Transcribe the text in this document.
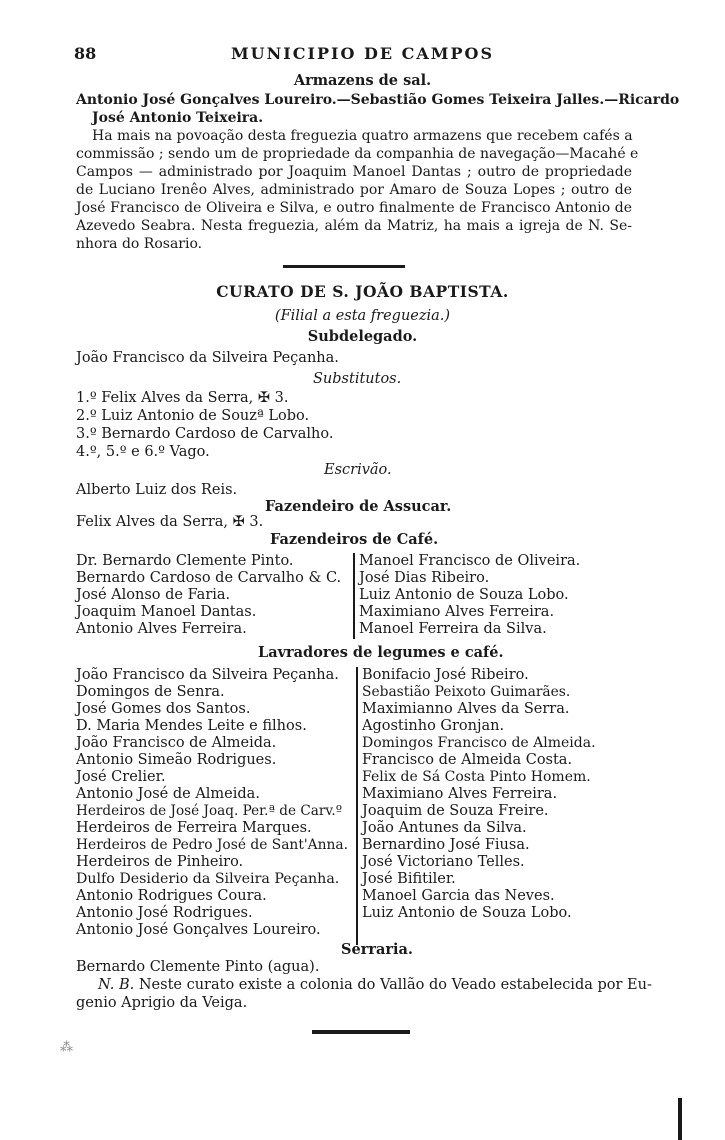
88	MUNICIPIO DE CAMPOS
Armazens de sal.
Antonio José Gonçalves Loureiro.—Sebastião Gomes Teixeira Jalles.—Ricardo
José Antonio Teixeira.
Ha mais na povoação desta freguezia quatro armazens que recebem cafés a
commissão ; sendo um de propriedade da companhia de navegação—Macahé e
Campos — administrado por Joaquim Manoel Dantas ; outro de propriedade
de Luciano Irenêo Alves, administrado por Amaro de Souza Lopes ; outro de
José Francisco de Oliveira e Silva, e outro finalmente de Francisco Antonio de
Azevedo Seabra. Nesta freguezia, além da Matriz, ha mais a igreja de N. Se-
nhora do Rosario.
CURATO DE S. JOÃO BAPTISTA.
(Filial a esta freguezia.)
Subdelegado.
João Francisco da Silveira Peçanha.
Substitutos.
1.º Felix Alves da Serra, ✠ 3.
2.º Luiz Antonio de Souzª Lobo.
3.º Bernardo Cardoso de Carvalho.
4.º, 5.º e 6.º Vago.
Escrivão.
Alberto Luiz dos Reis.
Fazendeiro de Assucar.
Felix Alves da Serra, ✠ 3.
Fazendeiros de Café.
Dr. Bernardo Clemente Pinto.
Bernardo Cardoso de Carvalho & C.
José Alonso de Faria.
Joaquim Manoel Dantas.
Antonio Alves Ferreira.
Manoel Francisco de Oliveira.
José Dias Ribeiro.
Luiz Antonio de Souza Lobo.
Maximiano Alves Ferreira.
Manoel Ferreira da Silva.
Lavradores de legumes e café.
João Francisco da Silveira Peçanha.
Domingos de Senra.
José Gomes dos Santos.
D. Maria Mendes Leite e filhos.
João Francisco de Almeida.
Antonio Simeão Rodrigues.
José Crelier.
Antonio José de Almeida.
Herdeiros de José Joaq. Per.ª de Carv.º
Herdeiros de Ferreira Marques.
Herdeiros de Pedro José de Sant'Anna.
Herdeiros de Pinheiro.
Dulfo Desiderio da Silveira Peçanha.
Antonio Rodrigues Coura.
Antonio José Rodrigues.
Antonio José Gonçalves Loureiro.
Bonifacio José Ribeiro.
Sebastião Peixoto Guimarães.
Maximianno Alves da Serra.
Agostinho Gronjan.
Domingos Francisco de Almeida.
Francisco de Almeida Costa.
Felix de Sá Costa Pinto Homem.
Maximiano Alves Ferreira.
Joaquim de Souza Freire.
João Antunes da Silva.
Bernardino José Fiusa.
José Victoriano Telles.
José Bifitiler.
Manoel Garcia das Neves.
Luiz Antonio de Souza Lobo.
Serraria.
Bernardo Clemente Pinto (agua).
N. B. Neste curato existe a colonia do Vallão do Veado estabelecida por Eu-
genio Aprigio da Veiga.
⁂
